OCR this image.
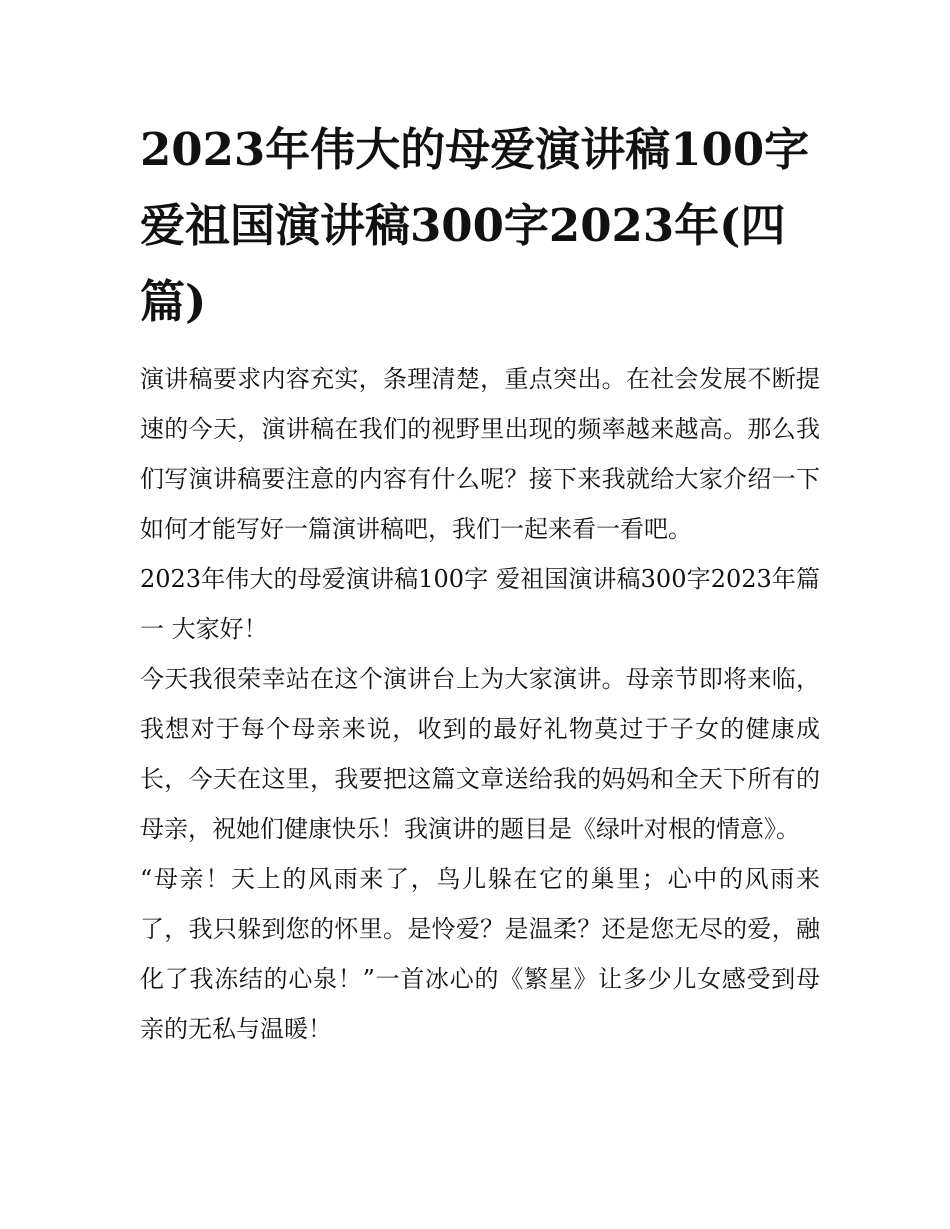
2023年伟大的母爱演讲稿100字 爱祖国演讲稿300字2023年(四篇)

演讲稿要求内容充实，条理清楚，重点突出。在社会发展不断提速的今天，演讲稿在我们的视野里出现的频率越来越高。那么我们写演讲稿要注意的内容有什么呢？接下来我就给大家介绍一下如何才能写好一篇演讲稿吧，我们一起来看一看吧。

2023年伟大的母爱演讲稿100字 爱祖国演讲稿300字2023年篇一 大家好！

今天我很荣幸站在这个演讲台上为大家演讲。母亲节即将来临，我想对于每个母亲来说，收到的最好礼物莫过于子女的健康成长，今天在这里，我要把这篇文章送给我的妈妈和全天下所有的母亲，祝她们健康快乐！我演讲的题目是《绿叶对根的情意》。

“母亲！天上的风雨来了，鸟儿躲在它的巢里；心中的风雨来了，我只躲到您的怀里。是怜爱？是温柔？还是您无尽的爱，融化了我冻结的心泉！”一首冰心的《繁星》让多少儿女感受到母亲的无私与温暖！
